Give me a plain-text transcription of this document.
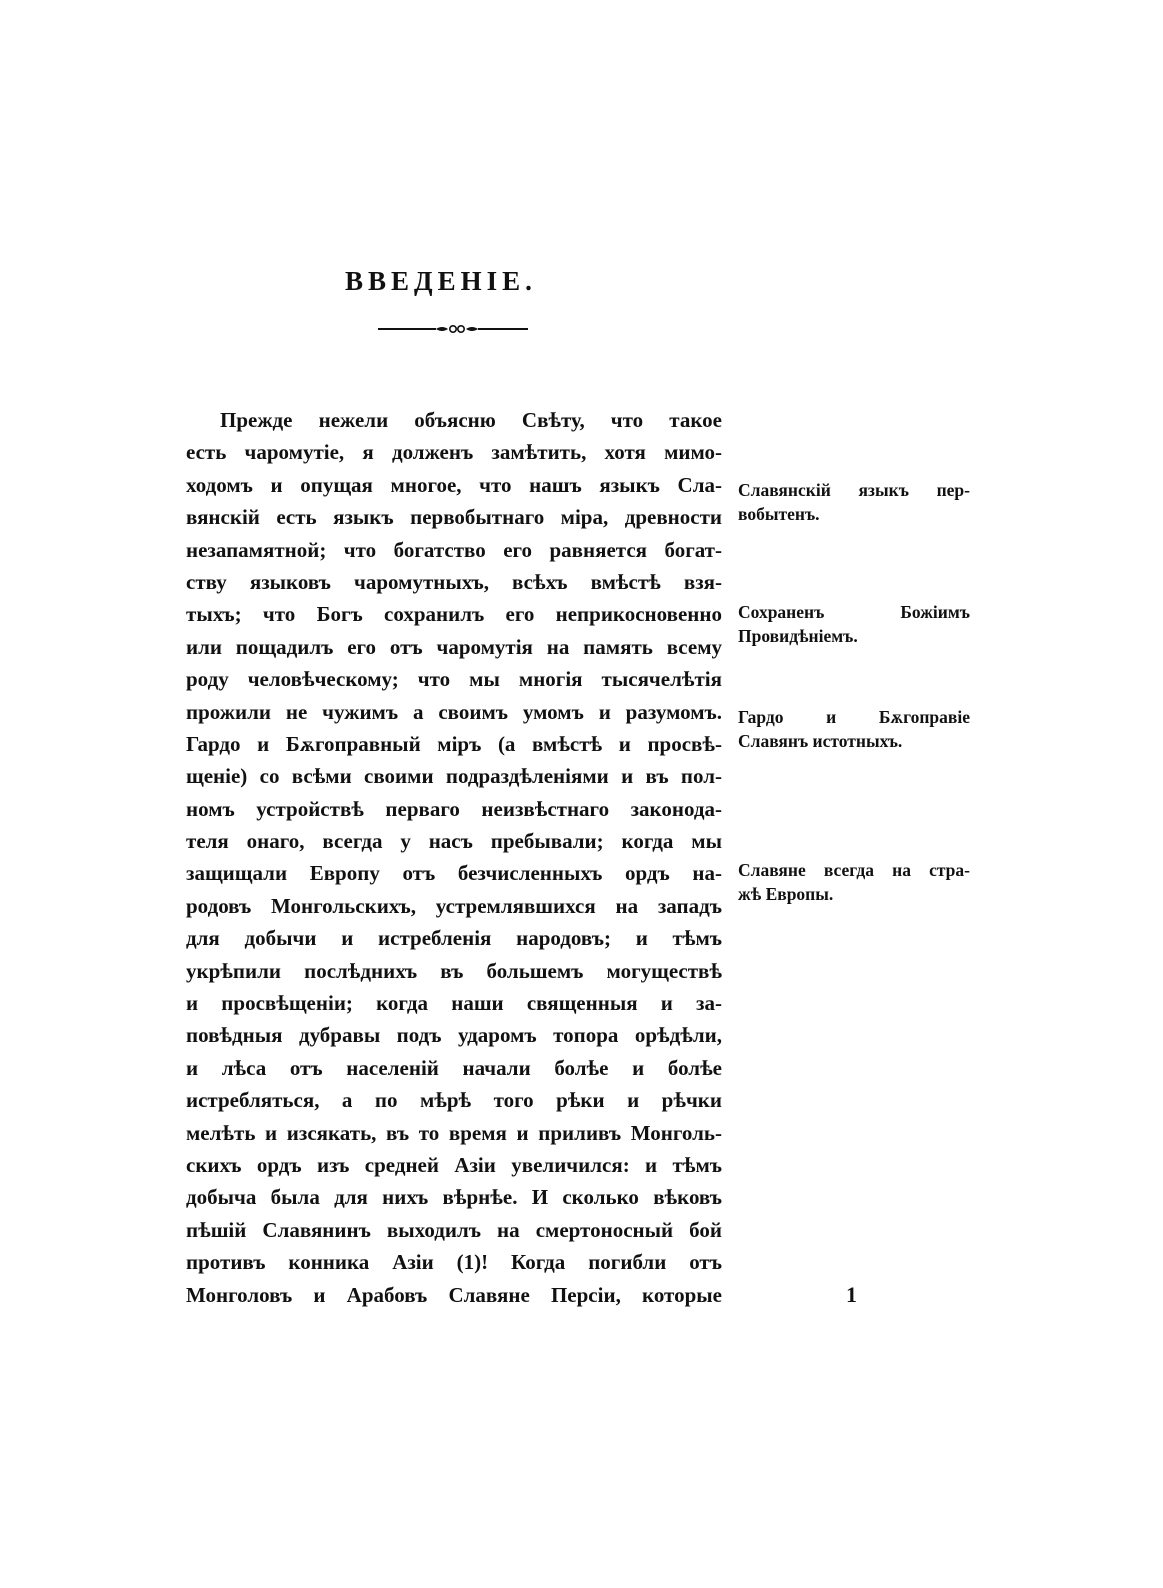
ВВЕДЕНІЕ.
Прежде нежели объясню Свѣту, что такое
есть чаромутіе, я долженъ замѣтить, хотя мимо-
ходомъ и опущая многое, что нашъ языкъ Сла-
вянскій есть языкъ первобытнаго міра, древности
незапамятной; что богатство его равняется богат-
ству языковъ чаромутныхъ, всѣхъ вмѣстѣ взя-
тыхъ; что Богъ сохранилъ его неприкосновенно
или пощадилъ его отъ чаромутія на память всему
роду человѣческому; что мы многія тысячелѣтія
прожили не чужимъ а своимъ умомъ и разумомъ.
Гардо и Бѫгоправный міръ (а вмѣстѣ и просвѣ-
щеніе) со всѣми своими подраздѣленіями и въ пол-
номъ устройствѣ перваго неизвѣстнаго законода-
теля онаго, всегда у насъ пребывали; когда мы
защищали Европу отъ безчисленныхъ ордъ на-
родовъ Монгольскихъ, устремлявшихся на западъ
для добычи и истребленія народовъ; и тѣмъ
укрѣпили послѣднихъ въ большемъ могуществѣ
и просвѣщеніи; когда наши священныя и за-
повѣдныя дубравы подъ ударомъ топора орѣдѣли,
и лѣса отъ населеній начали болѣе и болѣе
истребляться, а по мѣрѣ того рѣки и рѣчки
мелѣть и изсякать, въ то время и приливъ Монголь-
скихъ ордъ изъ средней Азіи увеличился: и тѣмъ
добыча была для нихъ вѣрнѣе. И сколько вѣковъ
пѣшій Славянинъ выходилъ на смертоносный бой
противъ конника Азіи (1)! Когда погибли отъ
Монголовъ и Арабовъ Славяне Персіи, которые
Славянскій языкъ пер-
вобытенъ.
Сохраненъ Божіимъ
Провидѣніемъ.
Гардо и Бѫгоправіе
Славянъ истотныхъ.
Славяне всегда на стра-
жѣ Европы.
1
